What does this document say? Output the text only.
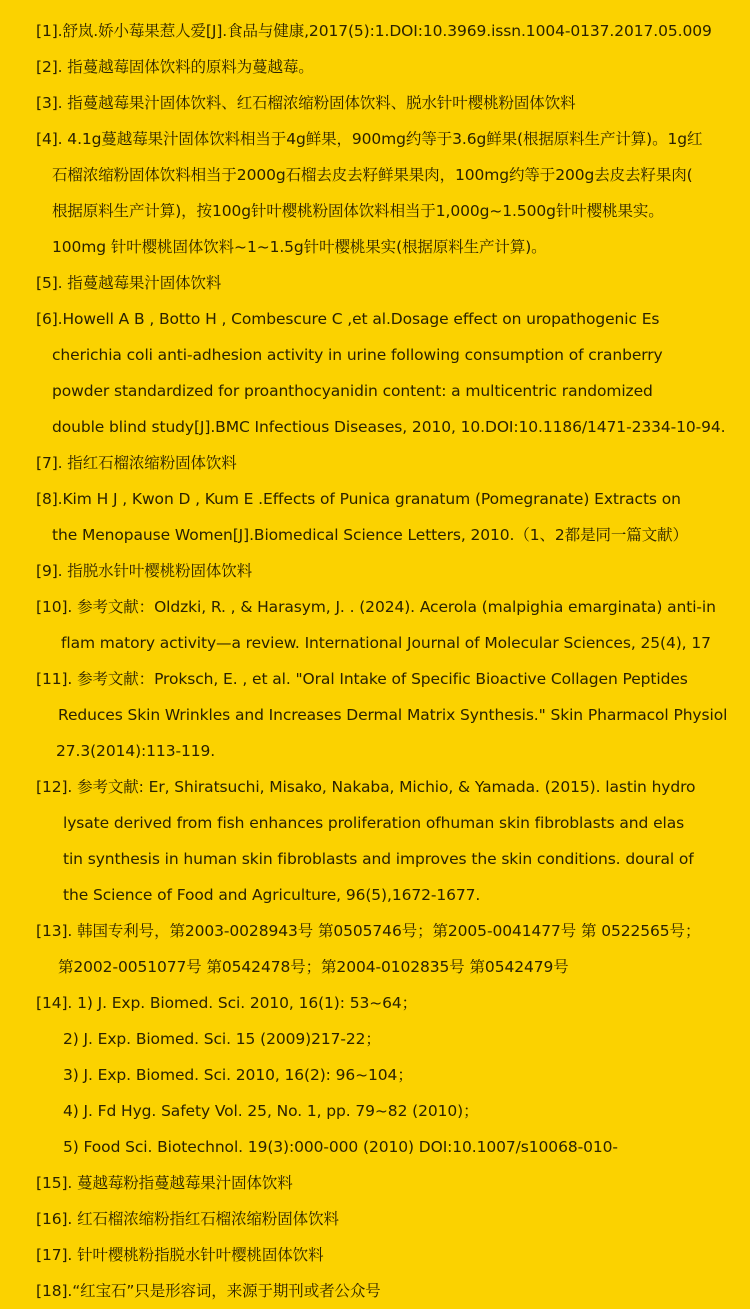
[1].舒岚.娇小莓果惹人爱[J].食品与健康,2017(5):1.DOI:10.3969.issn.1004-0137.2017.05.009
[2]. 指蔓越莓固体饮料的原料为蔓越莓。
[3]. 指蔓越莓果汁固体饮料、红石榴浓缩粉固体饮料、脱水针叶樱桃粉固体饮料
[4]. 4.1g蔓越莓果汁固体饮料相当于4g鲜果，900mg约等于3.6g鲜果(根据原料生产计算)。1g红
石榴浓缩粉固体饮料相当于2000g石榴去皮去籽鲜果果肉，100mg约等于200g去皮去籽果肉(
根据原料生产计算)，按100g针叶樱桃粉固体饮料相当于1,000g~1.500g针叶樱桃果实。
100mg 针叶樱桃固体饮料~1~1.5g针叶樱桃果实(根据原料生产计算)。
[5]. 指蔓越莓果汁固体饮料
[6].Howell A B , Botto H , Combescure C ,et al.Dosage effect on uropathogenic Es
cherichia coli anti-adhesion activity in urine following consumption of cranberry
powder standardized for proanthocyanidin content: a multicentric randomized
double blind study[J].BMC Infectious Diseases, 2010, 10.DOI:10.1186/1471-2334-10-94.
[7]. 指红石榴浓缩粉固体饮料
[8].Kim H J , Kwon D , Kum E .Effects of Punica granatum (Pomegranate) Extracts on
the Menopause Women[J].Biomedical Science Letters, 2010.（1、2都是同一篇文献）
[9]. 指脱水针叶樱桃粉固体饮料
[10]. 参考文献：Oldzki, R. , & Harasym, J. . (2024). Acerola (malpighia emarginata) anti-in
flam matory activity—a review. International Journal of Molecular Sciences, 25(4), 17
[11]. 参考文献：Proksch, E. , et al. "Oral Intake of Specific Bioactive Collagen Peptides
Reduces Skin Wrinkles and Increases Dermal Matrix Synthesis." Skin Pharmacol Physiol
27.3(2014):113-119.
[12]. 参考文献: Er, Shiratsuchi, Misako, Nakaba, Michio, & Yamada. (2015). lastin hydro
lysate derived from fish enhances proliferation ofhuman skin fibroblasts and elas
tin synthesis in human skin fibroblasts and improves the skin conditions. doural of
the Science of Food and Agriculture, 96(5),1672-1677.
[13]. 韩国专利号，第2003-0028943号 第0505746号；第2005-0041477号 第 0522565号；
第2002-0051077号 第0542478号；第2004-0102835号 第0542479号
[14]. 1) J. Exp. Biomed. Sci. 2010, 16(1): 53~64；
2) J. Exp. Biomed. Sci. 15 (2009)217-22；
3) J. Exp. Biomed. Sci. 2010, 16(2): 96~104；
4) J. Fd Hyg. Safety Vol. 25, No. 1, pp. 79~82 (2010)；
5) Food Sci. Biotechnol. 19(3):000-000 (2010) DOI:10.1007/s10068-010-
[15]. 蔓越莓粉指蔓越莓果汁固体饮料
[16]. 红石榴浓缩粉指红石榴浓缩粉固体饮料
[17]. 针叶樱桃粉指脱水针叶樱桃固体饮料
[18].“红宝石”只是形容词，来源于期刊或者公众号
